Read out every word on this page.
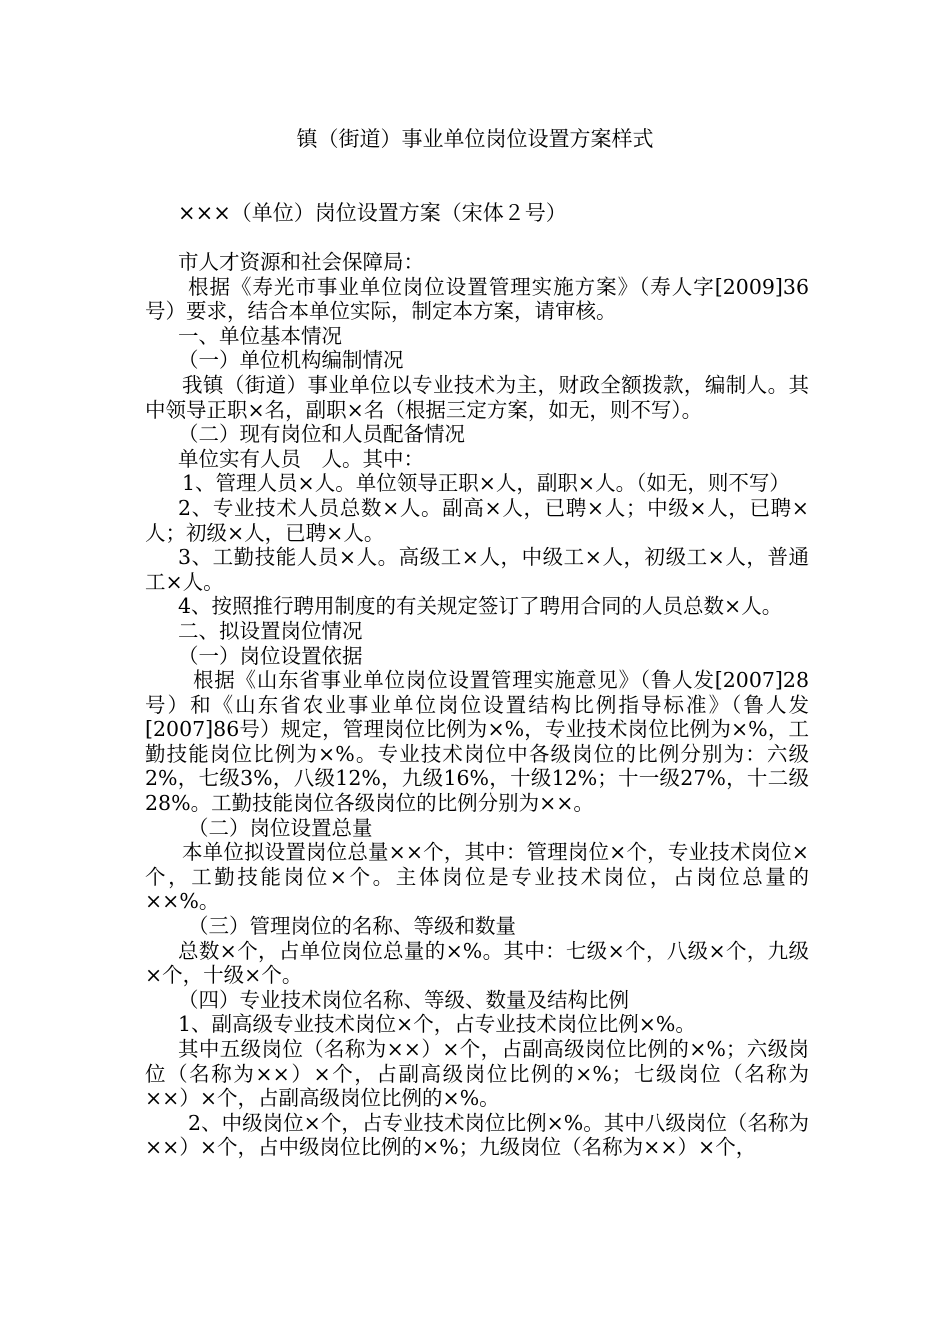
镇（街道）事业单位岗位设置方案样式
×××（单位）岗位设置方案（宋体２号）

市人才资源和社会保障局：

根据《寿光市事业单位岗位设置管理实施方案》（寿人字[2009]36号）要求，结合本单位实际，制定本方案，请审核。

一、单位基本情况

（一）单位机构编制情况

我镇（街道）事业单位以专业技术为主，财政全额拨款，编制人。其中领导正职×名，副职×名（根据三定方案，如无，则不写）。

（二）现有岗位和人员配备情况

单位实有人员　人。其中：

1、管理人员×人。单位领导正职×人，副职×人。（如无，则不写）

2、专业技术人员总数×人。副高×人，已聘×人；中级×人，已聘×人；初级×人，已聘×人。

3、工勤技能人员×人。高级工×人，中级工×人，初级工×人，普通工×人。

4、按照推行聘用制度的有关规定签订了聘用合同的人员总数×人。

二、拟设置岗位情况

（一）岗位设置依据

根据《山东省事业单位岗位设置管理实施意见》（鲁人发[2007]28号）和《山东省农业事业单位岗位设置结构比例指导标准》（鲁人发[2007]86号）规定，管理岗位比例为×%，专业技术岗位比例为×%，工勤技能岗位比例为×%。专业技术岗位中各级岗位的比例分别为：六级2%，七级3%，八级12%，九级16%，十级12%；十一级27%，十二级28%。工勤技能岗位各级岗位的比例分别为××。

（二）岗位设置总量

本单位拟设置岗位总量××个，其中：管理岗位×个，专业技术岗位×个，工勤技能岗位×个。主体岗位是专业技术岗位，占岗位总量的××%。

（三）管理岗位的名称、等级和数量

总数×个，占单位岗位总量的×%。其中：七级×个，八级×个，九级×个，十级×个。

（四）专业技术岗位名称、等级、数量及结构比例

1、副高级专业技术岗位×个，占专业技术岗位比例×%。

其中五级岗位（名称为××）×个，占副高级岗位比例的×%；六级岗位（名称为××）×个，占副高级岗位比例的×%；七级岗位（名称为××）×个，占副高级岗位比例的×%。

2、中级岗位×个，占专业技术岗位比例×%。其中八级岗位（名称为××）×个，占中级岗位比例的×%；九级岗位（名称为××）×个，
